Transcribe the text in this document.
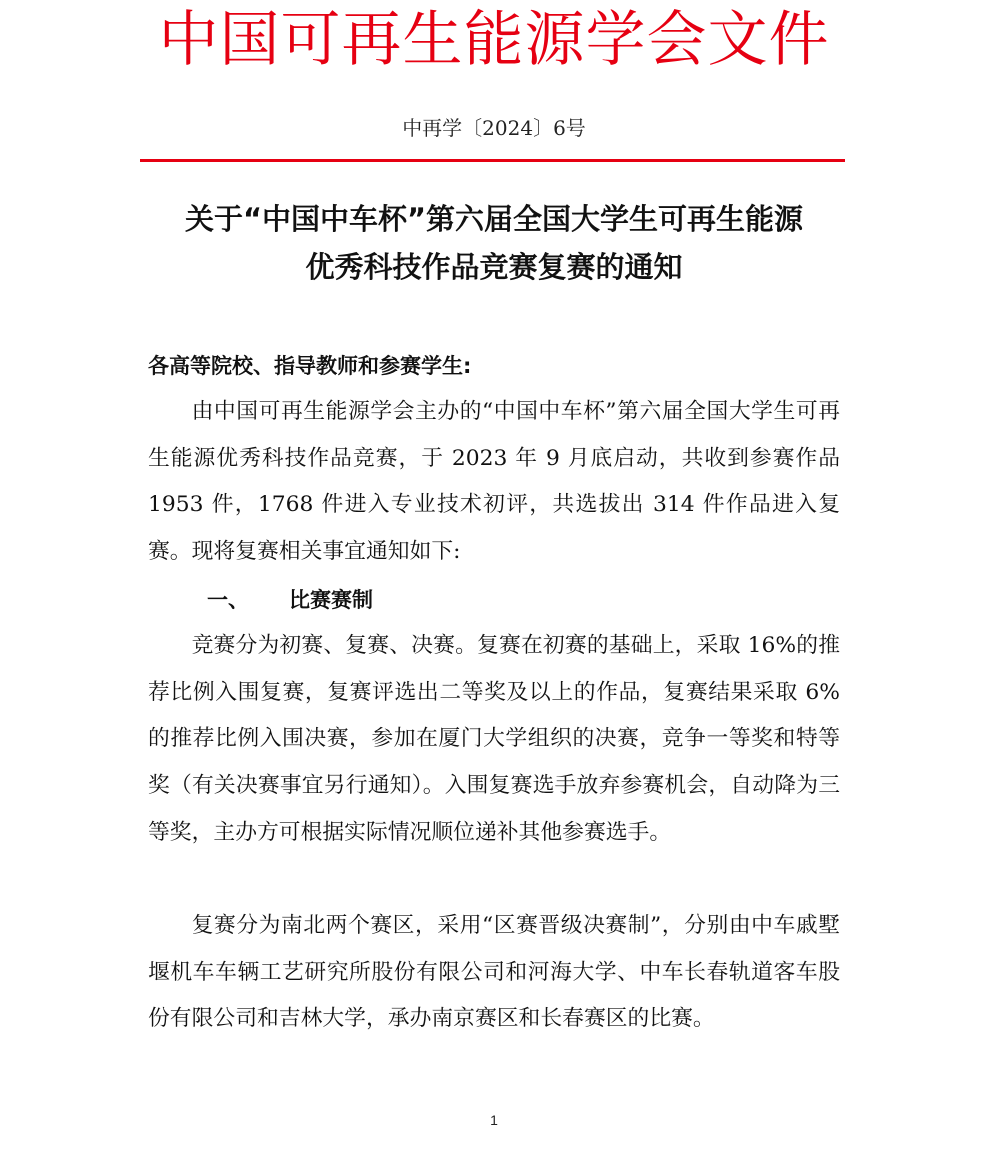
中国可再生能源学会文件
中再学〔2024〕6号
关于“中国中车杯”第六届全国大学生可再生能源
优秀科技作品竞赛复赛的通知
各高等院校、指导教师和参赛学生:

由中国可再生能源学会主办的“中国中车杯”第六届全国大学生可再生能源优秀科技作品竞赛，于 2023 年 9 月底启动，共收到参赛作品 1953 件，1768 件进入专业技术初评，共选拔出 314 件作品进入复赛。现将复赛相关事宜通知如下:

一、 比赛赛制

竞赛分为初赛、复赛、决赛。复赛在初赛的基础上，采取 16%的推荐比例入围复赛，复赛评选出二等奖及以上的作品，复赛结果采取 6%的推荐比例入围决赛，参加在厦门大学组织的决赛，竞争一等奖和特等奖（有关决赛事宜另行通知）。入围复赛选手放弃参赛机会，自动降为三等奖，主办方可根据实际情况顺位递补其他参赛选手。

复赛分为南北两个赛区，采用“区赛晋级决赛制”，分别由中车戚墅堰机车车辆工艺研究所股份有限公司和河海大学、中车长春轨道客车股份有限公司和吉林大学，承办南京赛区和长春赛区的比赛。

1
